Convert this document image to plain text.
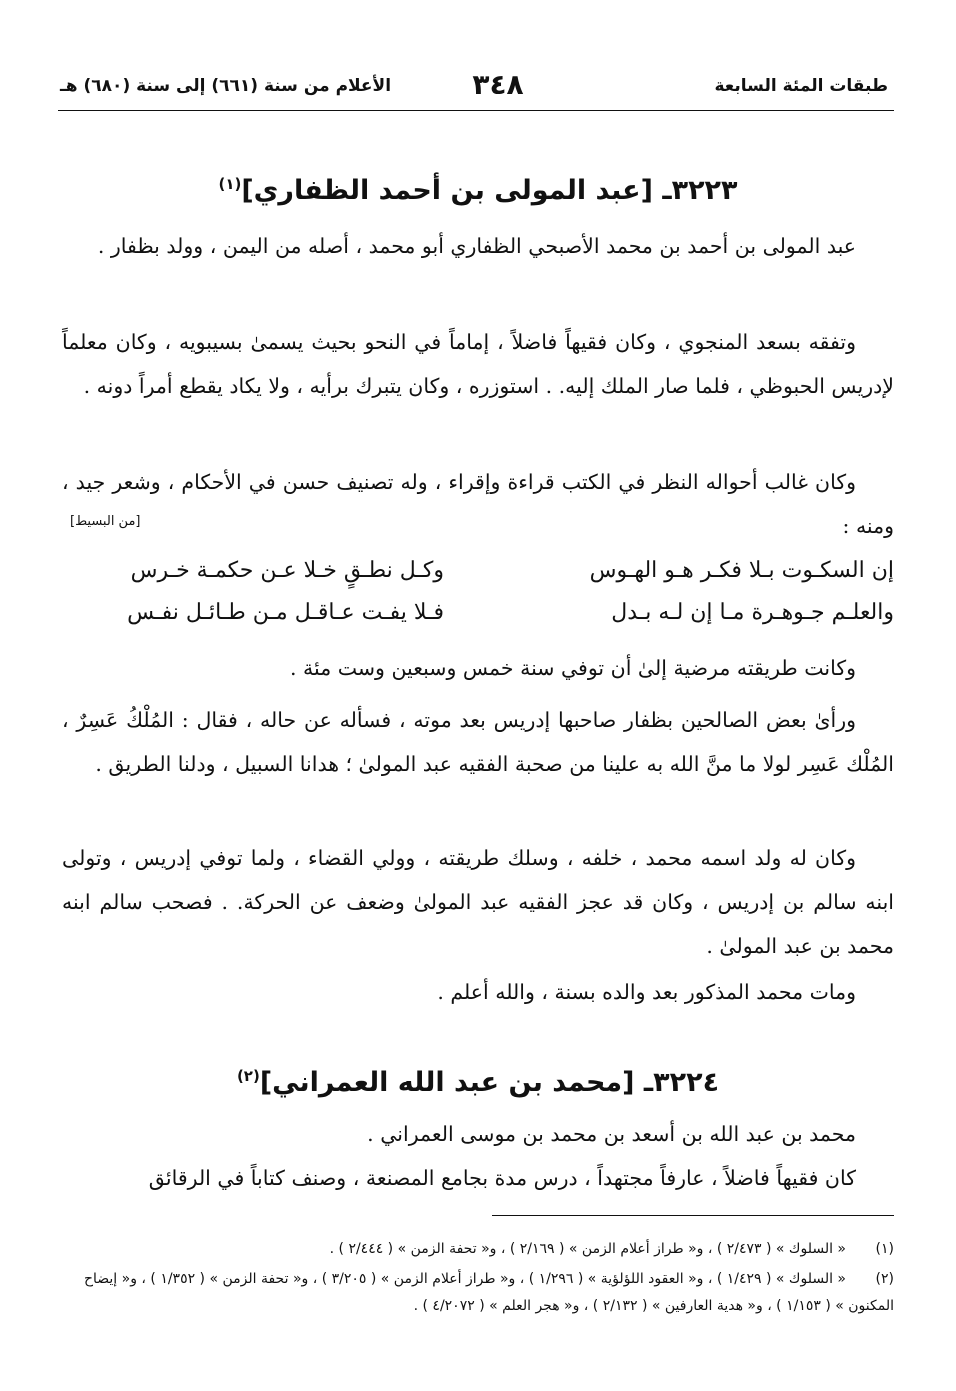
طبقات المئة السابعة
٣٤٨
الأعلام من سنة (٦٦١) إلى سنة (٦٨٠) هـ
٣٢٢٣ـ [عبد المولى بن أحمد الظفاري]$^{(١)}$
عبد المولى بن أحمد بن محمد الأصبحي الظفاري أبو محمد ، أصله من اليمن ، وولد بظفار .
وتفقه بسعد المنجوي ، وكان فقيهاً فاضلاً ، إماماً في النحو بحيث يسمىٰ بسيبويه ، وكان معلماً لإدريس الحبوظي ، فلما صار الملك إليه. . استوزره ، وكان يتبرك برأيه ، ولا يكاد يقطع أمراً دونه .
وكان غالب أحواله النظر في الكتب قراءة وإقراء ، وله تصنيف حسن في الأحكام ، وشعر جيد ، ومنه :
[من البسيط]
إن السكـوت بـلا فكـر هـو الهـوس
وكـل نطـقٍ خـلا عـن حكمـة خـرس
والعلـم جـوهـرة مـا إن لـه بـدل
فـلا يفـت عـاقـل مـن طـائـل نفـس
وكانت طريقته مرضية إلىٰ أن توفي سنة خمس وسبعين وست مئة .
ورأىٰ بعض الصالحين بظفار صاحبها إدريس بعد موته ، فسأله عن حاله ، فقال : المُلْكُ عَسِرٌ ، المُلْك عَسِر لولا ما منَّ الله به علينا من صحبة الفقيه عبد المولىٰ ؛ هدانا السبيل ، ودلنا الطريق .
وكان له ولد اسمه محمد ، خلفه ، وسلك طريقته ، وولي القضاء ، ولما توفي إدريس ، وتولى ابنه سالم بن إدريس ، وكان قد عجز الفقيه عبد المولىٰ وضعف عن الحركة. . فصحب سالم ابنه محمد بن عبد المولىٰ .
ومات محمد المذكور بعد والده بسنة ، والله أعلم .
٣٢٢٤ـ [محمد بن عبد الله العمراني]$^{(٢)}$
محمد بن عبد الله بن أسعد بن محمد بن موسى العمراني .
كان فقيهاً فاضلاً ، عارفاً مجتهداً ، درس مدة بجامع المصنعة ، وصنف كتاباً في الرقائق
(١)« السلوك » ( ٢/٤٧٣ ) ، و« طراز أعلام الزمن » ( ٢/١٦٩ ) ، و« تحفة الزمن » ( ٢/٤٤٤ ) .
(٢)« السلوك » ( ١/٤٢٩ ) ، و« العقود اللؤلؤية » ( ١/٢٩٦ ) ، و« طراز أعلام الزمن » ( ٣/٢٠٥ ) ، و« تحفة الزمن » ( ١/٣٥٢ ) ، و« إيضاح المكنون » ( ١/١٥٣ ) ، و« هدية العارفين » ( ٢/١٣٢ ) ، و« هجر العلم » ( ٤/٢٠٧٢ ) .
